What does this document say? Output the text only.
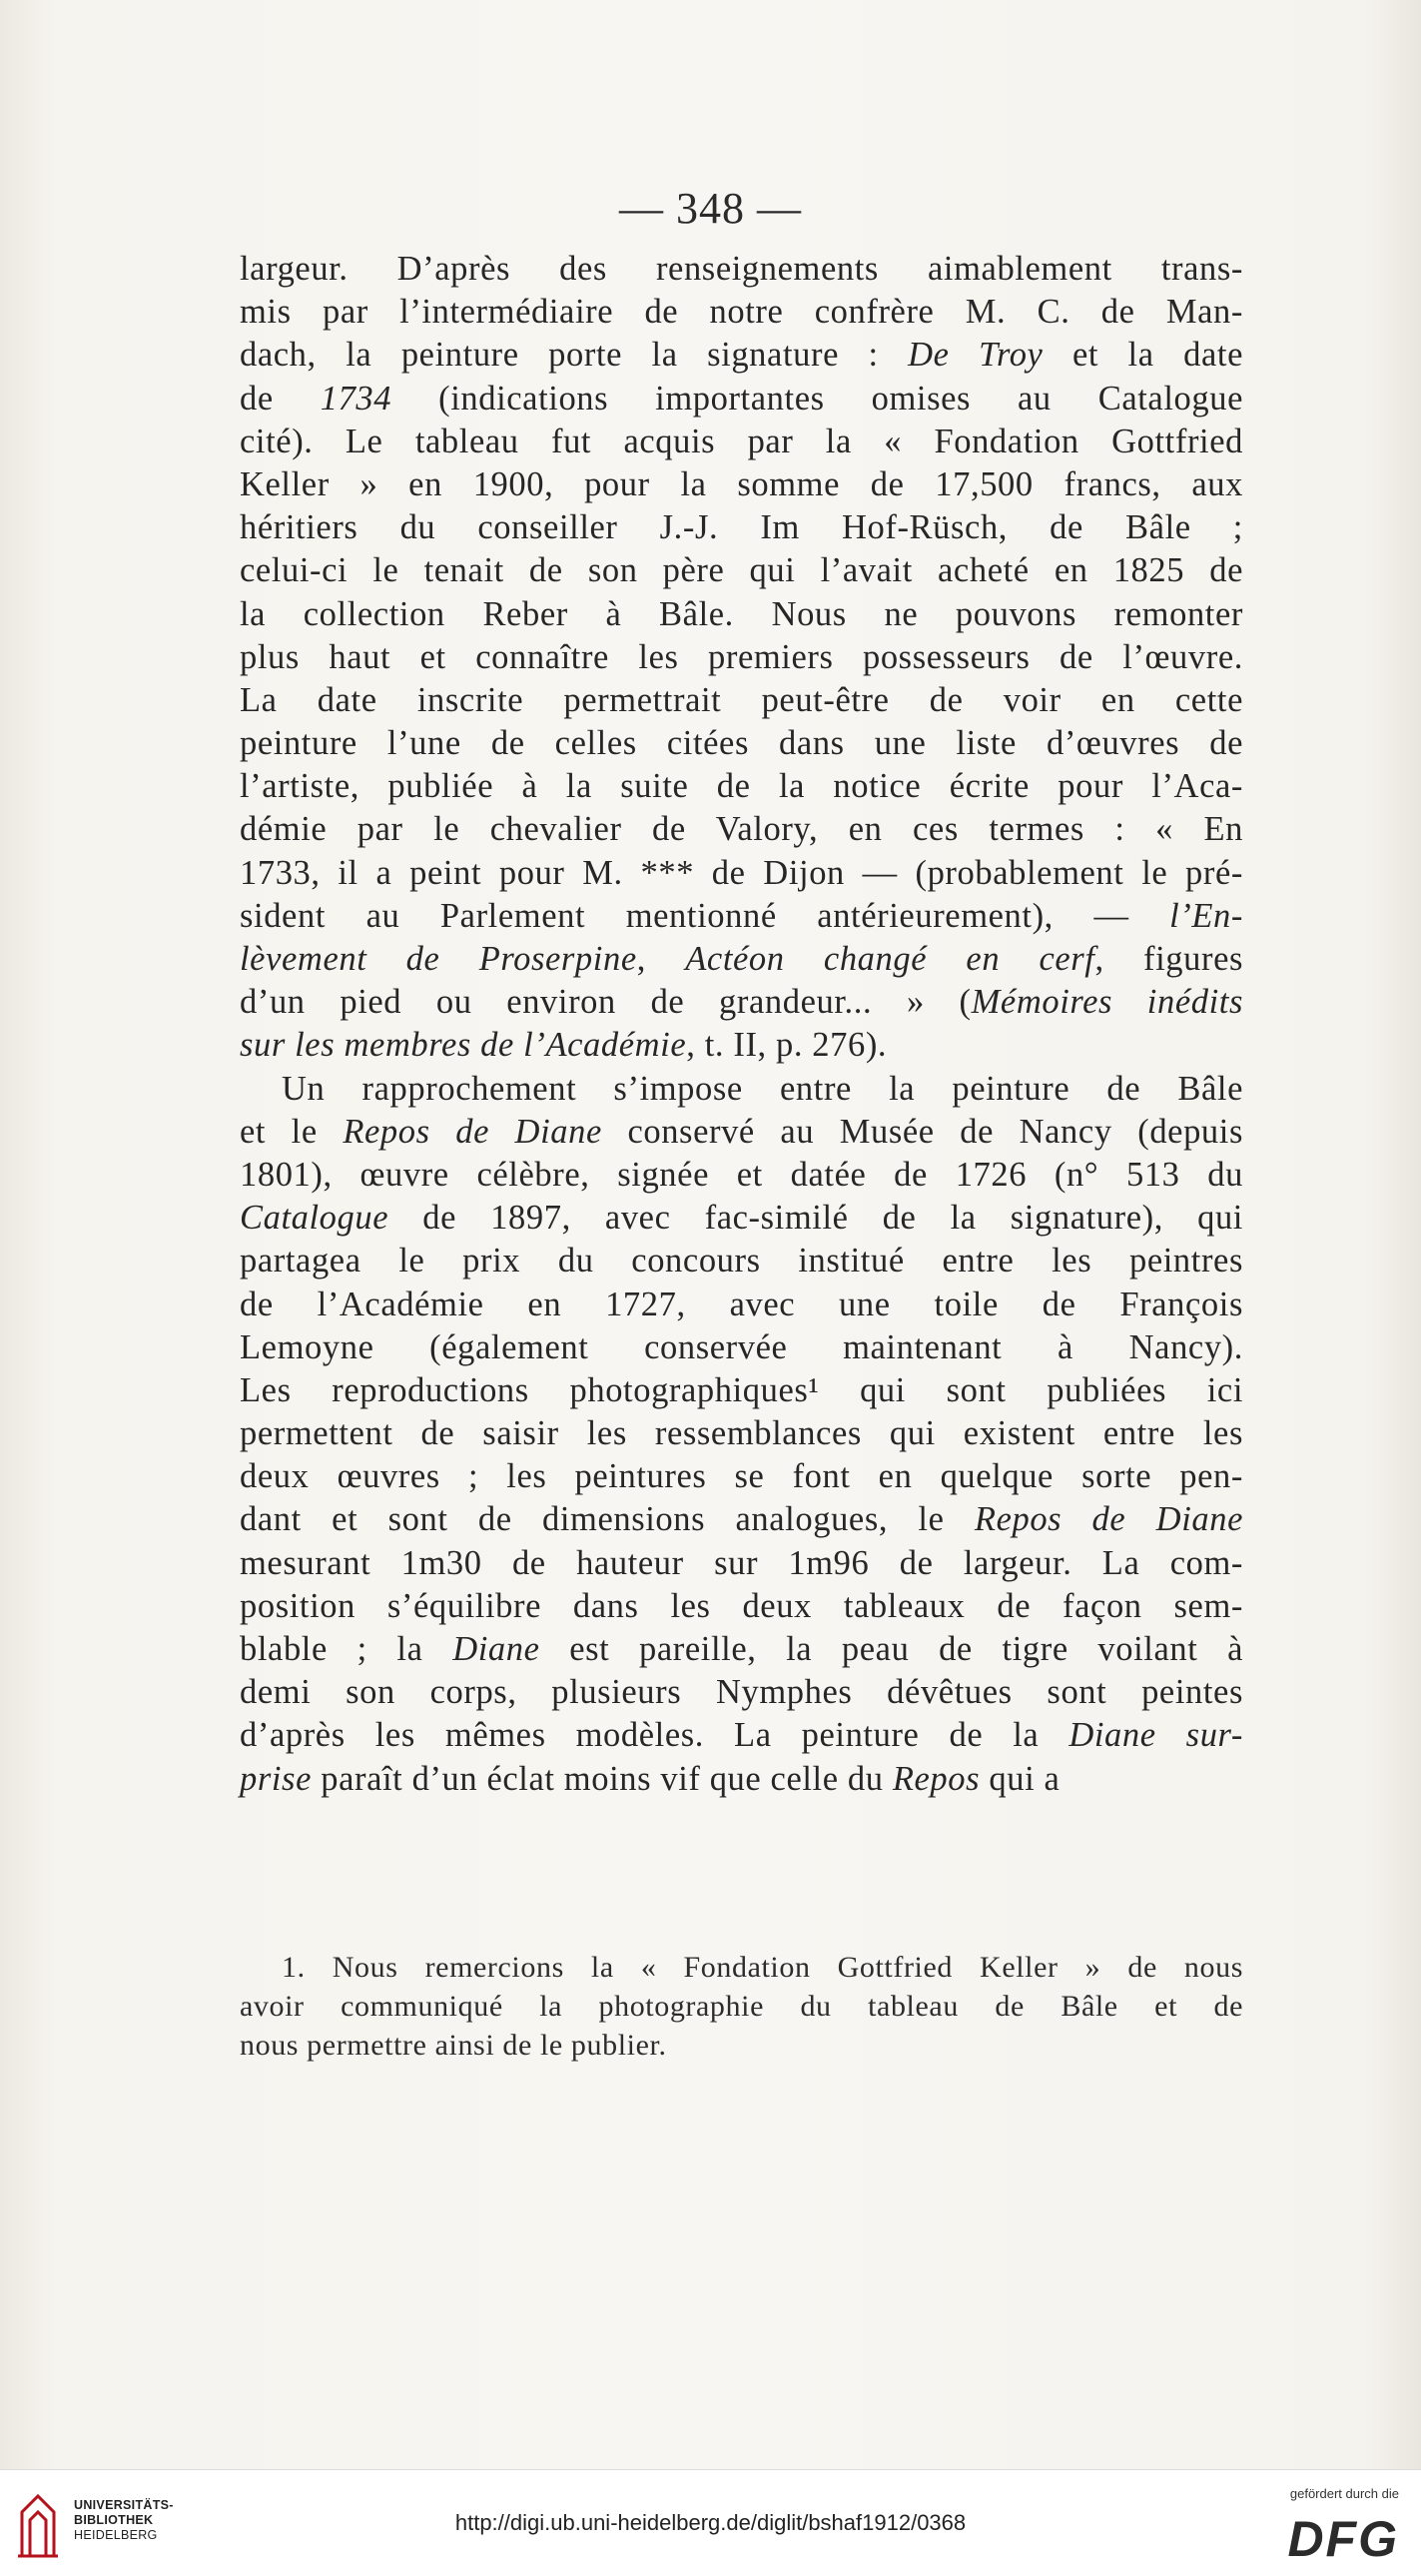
— 348 —
largeur. D’après des renseignements aimablement trans-
mis par l’intermédiaire de notre confrère M. C. de Man-
dach, la peinture porte la signature : De Troy et la date
de 1734 (indications importantes omises au Catalogue
cité). Le tableau fut acquis par la « Fondation Gottfried
Keller » en 1900, pour la somme de 17,500 francs, aux
héritiers du conseiller J.-J. Im Hof-Rüsch, de Bâle ;
celui-ci le tenait de son père qui l’avait acheté en 1825 de
la collection Reber à Bâle. Nous ne pouvons remonter
plus haut et connaître les premiers possesseurs de l’œuvre.
La date inscrite permettrait peut-être de voir en cette
peinture l’une de celles citées dans une liste d’œuvres de
l’artiste, publiée à la suite de la notice écrite pour l’Aca-
démie par le chevalier de Valory, en ces termes : « En
1733, il a peint pour M. *** de Dijon — (probablement le pré-
sident au Parlement mentionné antérieurement), — l’En-
lèvement de Proserpine, Actéon changé en cerf, figures
d’un pied ou environ de grandeur... » (Mémoires inédits
sur les membres de l’Académie, t. II, p. 276).
Un rapprochement s’impose entre la peinture de Bâle
et le Repos de Diane conservé au Musée de Nancy (depuis
1801), œuvre célèbre, signée et datée de 1726 (n° 513 du
Catalogue de 1897, avec fac-similé de la signature), qui
partagea le prix du concours institué entre les peintres
de l’Académie en 1727, avec une toile de François
Lemoyne (également conservée maintenant à Nancy).
Les reproductions photographiques¹ qui sont publiées ici
permettent de saisir les ressemblances qui existent entre les
deux œuvres ; les peintures se font en quelque sorte pen-
dant et sont de dimensions analogues, le Repos de Diane
mesurant 1m30 de hauteur sur 1m96 de largeur. La com-
position s’équilibre dans les deux tableaux de façon sem-
blable ; la Diane est pareille, la peau de tigre voilant à
demi son corps, plusieurs Nymphes dévêtues sont peintes
d’après les mêmes modèles. La peinture de la Diane sur-
prise paraît d’un éclat moins vif que celle du Repos qui a
1. Nous remercions la « Fondation Gottfried Keller » de nous
avoir communiqué la photographie du tableau de Bâle et de
nous permettre ainsi de le publier.
UNIVERSITÄTS-
BIBLIOTHEK
HEIDELBERG	http://digi.ub.uni-heidelberg.de/diglit/bshaf1912/0368
gefördert durch die
DFG
